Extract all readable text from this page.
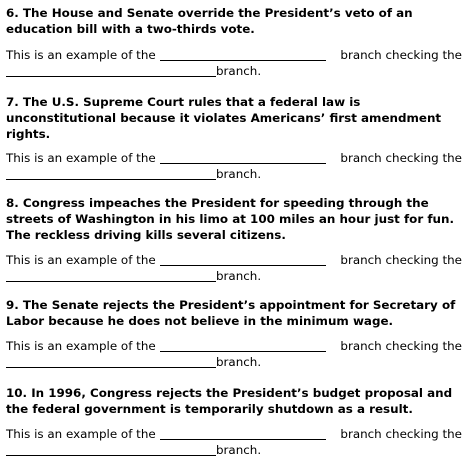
6. The House and Senate override the President’s veto of an education bill with a two-thirds vote.

This is an example of the	branch checking the
branch.

7. The U.S. Supreme Court rules that a federal law is unconstitutional because it violates Americans’ first amendment rights.

This is an example of the	branch checking the
branch.

8. Congress impeaches the President for speeding through the streets of Washington in his limo at 100 miles an hour just for fun. The reckless driving kills several citizens.

This is an example of the	branch checking the
branch.

9. The Senate rejects the President’s appointment for Secretary of Labor because he does not believe in the minimum wage.

This is an example of the	branch checking the
branch.

10. In 1996, Congress rejects the President’s budget proposal and the federal government is temporarily shutdown as a result.

This is an example of the	branch checking the
branch.
